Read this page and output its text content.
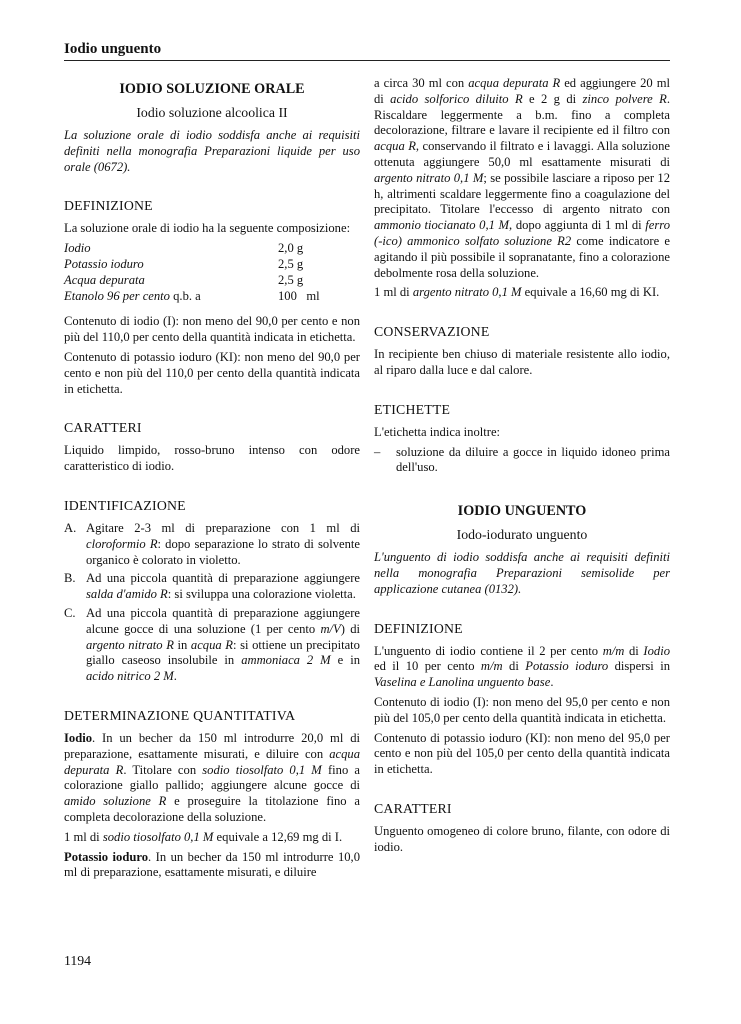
Iodio unguento
IODIO SOLUZIONE ORALE
Iodio soluzione alcoolica II

La soluzione orale di iodio soddisfa anche ai requisiti definiti nella monografia Preparazioni liquide per uso orale (0672).

DEFINIZIONE

La soluzione orale di iodio ha la seguente composizione:

Iodio	2,0 g
Potassio ioduro	2,5 g
Acqua depurata	2,5 g
Etanolo 96 per cento q.b. a	100   ml

Contenuto di iodio (I): non meno del 90,0 per cento e non più del 110,0 per cento della quantità indicata in etichetta.

Contenuto di potassio ioduro (KI): non meno del 90,0 per cento e non più del 110,0 per cento della quantità indicata in etichetta.

CARATTERI

Liquido limpido, rosso-bruno intenso con odore caratteristico di iodio.

IDENTIFICAZIONE
A. Agitare 2-3 ml di preparazione con 1 ml di cloroformio R: dopo separazione lo strato di solvente organico è colorato in violetto.
B. Ad una piccola quantità di preparazione aggiungere salda d'amido R: si sviluppa una colorazione violetta.
C. Ad una piccola quantità di preparazione aggiungere alcune gocce di una soluzione (1 per cento m/V) di argento nitrato R in acqua R: si ottiene un precipitato giallo caseoso insolubile in ammoniaca 2 M e in acido nitrico 2 M.
DETERMINAZIONE QUANTITATIVA

Iodio. In un becher da 150 ml introdurre 20,0 ml di preparazione, esattamente misurati, e diluire con acqua depurata R. Titolare con sodio tiosolfato 0,1 M fino a colorazione giallo pallido; aggiungere alcune gocce di amido soluzione R e proseguire la titolazione fino a completa decolorazione della soluzione.

1 ml di sodio tiosolfato 0,1 M equivale a 12,69 mg di I.

Potassio ioduro. In un becher da 150 ml introdurre 10,0 ml di preparazione, esattamente misurati, e diluire

a circa 30 ml con acqua depurata R ed aggiungere 20 ml di acido solforico diluito R e 2 g di zinco polvere R. Riscaldare leggermente a b.m. fino a completa decolorazione, filtrare e lavare il recipiente ed il filtro con acqua R, conservando il filtrato e i lavaggi. Alla soluzione ottenuta aggiungere 50,0 ml esattamente misurati di argento nitrato 0,1 M; se possibile lasciare a riposo per 12 h, altrimenti scaldare leggermente fino a coagulazione del precipitato. Titolare l'eccesso di argento nitrato con ammonio tiocianato 0,1 M, dopo aggiunta di 1 ml di ferro (-ico) ammonico solfato soluzione R2 come indicatore e agitando il più possibile il sopranatante, fino a colorazione debolmente rosa della soluzione.

1 ml di argento nitrato 0,1 M equivale a 16,60 mg di KI.

CONSERVAZIONE

In recipiente ben chiuso di materiale resistente allo iodio, al riparo dalla luce e dal calore.

ETICHETTE

L'etichetta indica inoltre:

–	soluzione da diluire a gocce in liquido idoneo prima dell'uso.
IODIO UNGUENTO
Iodo-iodurato unguento

L'unguento di iodio soddisfa anche ai requisiti definiti nella monografia Preparazioni semisolide per applicazione cutanea (0132).

DEFINIZIONE

L'unguento di iodio contiene il 2 per cento m/m di Iodio ed il 10 per cento m/m di Potassio ioduro dispersi in Vaselina e Lanolina unguento base.

Contenuto di iodio (I): non meno del 95,0 per cento e non più del 105,0 per cento della quantità indicata in etichetta.

Contenuto di potassio ioduro (KI): non meno del 95,0 per cento e non più del 105,0 per cento della quantità indicata in etichetta.

CARATTERI

Unguento omogeneo di colore bruno, filante, con odore di iodio.

1194
